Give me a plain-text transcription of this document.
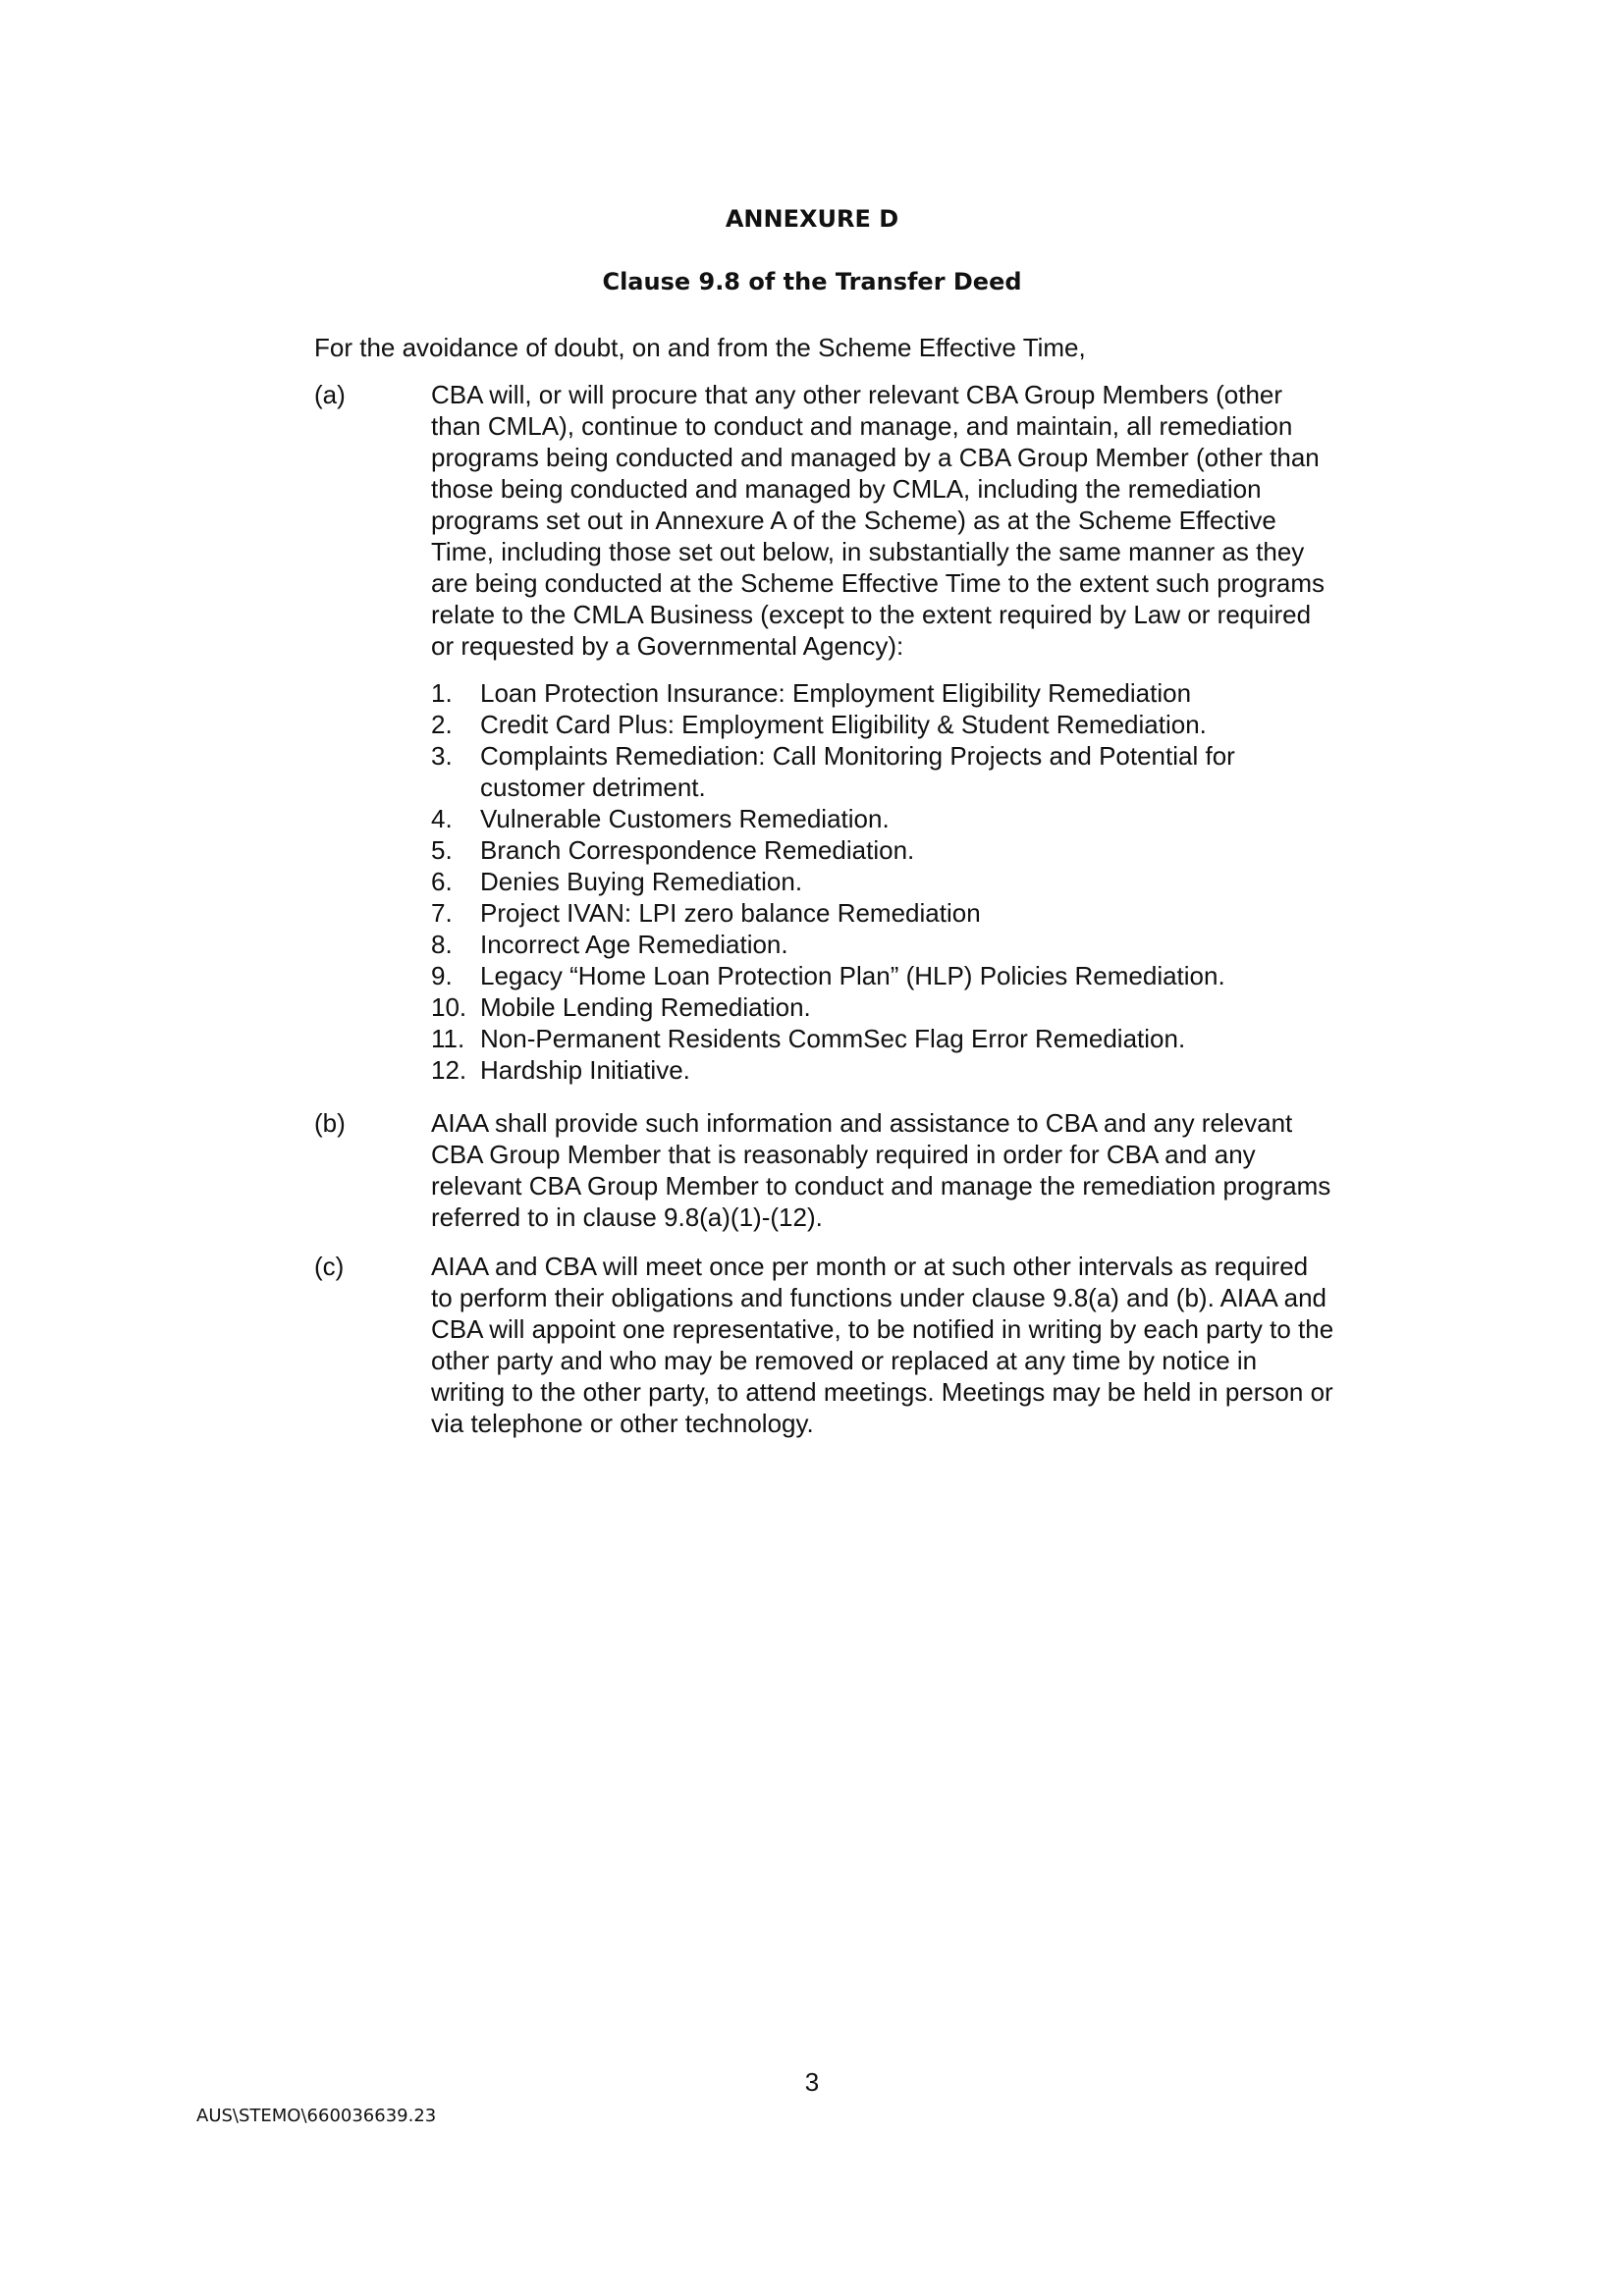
ANNEXURE D
Clause 9.8 of the Transfer Deed
For the avoidance of doubt, on and from the Scheme Effective Time,
(a)	CBA will, or will procure that any other relevant CBA Group Members (other
than CMLA), continue to conduct and manage, and maintain, all remediation
programs being conducted and managed by a CBA Group Member (other than
those being conducted and managed by CMLA, including the remediation
programs set out in Annexure A of the Scheme) as at the Scheme Effective
Time, including those set out below, in substantially the same manner as they
are being conducted at the Scheme Effective Time to the extent such programs
relate to the CMLA Business (except to the extent required by Law or required
or requested by a Governmental Agency):
1.	Loan Protection Insurance: Employment Eligibility Remediation
2.	Credit Card Plus: Employment Eligibility & Student Remediation.
3.	Complaints Remediation: Call Monitoring Projects and Potential for
customer detriment.
4.	Vulnerable Customers Remediation.
5.	Branch Correspondence Remediation.
6.	Denies Buying Remediation.
7.	Project IVAN: LPI zero balance Remediation
8.	Incorrect Age Remediation.
9.	Legacy “Home Loan Protection Plan” (HLP) Policies Remediation.
10. Mobile Lending Remediation.
11. Non-Permanent Residents CommSec Flag Error Remediation.
12. Hardship Initiative.
(b)	AIAA shall provide such information and assistance to CBA and any relevant
CBA Group Member that is reasonably required in order for CBA and any
relevant CBA Group Member to conduct and manage the remediation programs
referred to in clause 9.8(a)(1)-(12).
(c)	AIAA and CBA will meet once per month or at such other intervals as required
to perform their obligations and functions under clause 9.8(a) and (b). AIAA and
CBA will appoint one representative, to be notified in writing by each party to the
other party and who may be removed or replaced at any time by notice in
writing to the other party, to attend meetings. Meetings may be held in person or
via telephone or other technology.
3
AUS\STEMO\660036639.23
